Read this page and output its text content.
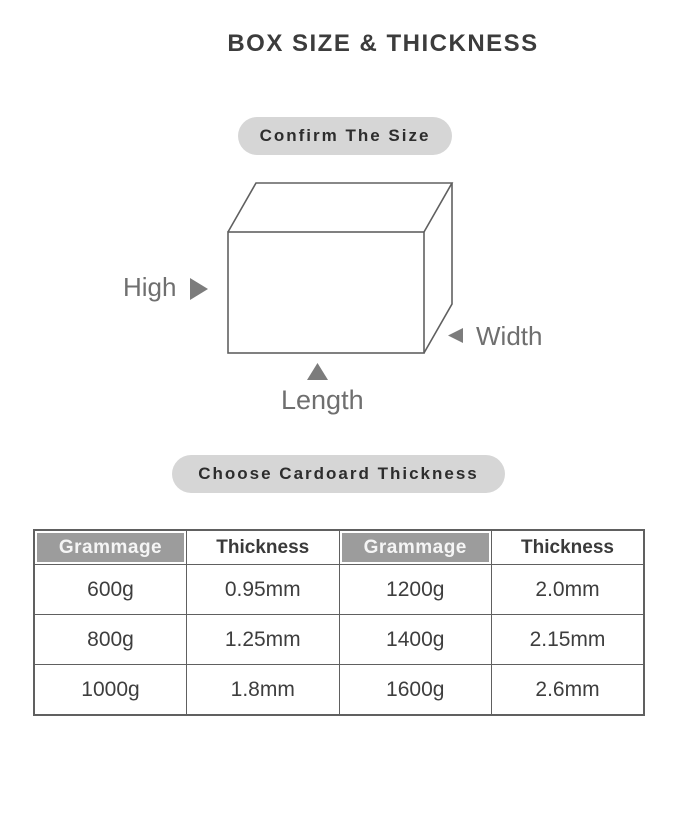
BOX SIZE & THICKNESS
Confirm The Size
High
Width
Length
Choose Cardoard Thickness
Grammage	Thickness	Grammage	Thickness
600g	0.95mm	1200g	2.0mm
800g	1.25mm	1400g	2.15mm
1000g	1.8mm	1600g	2.6mm
